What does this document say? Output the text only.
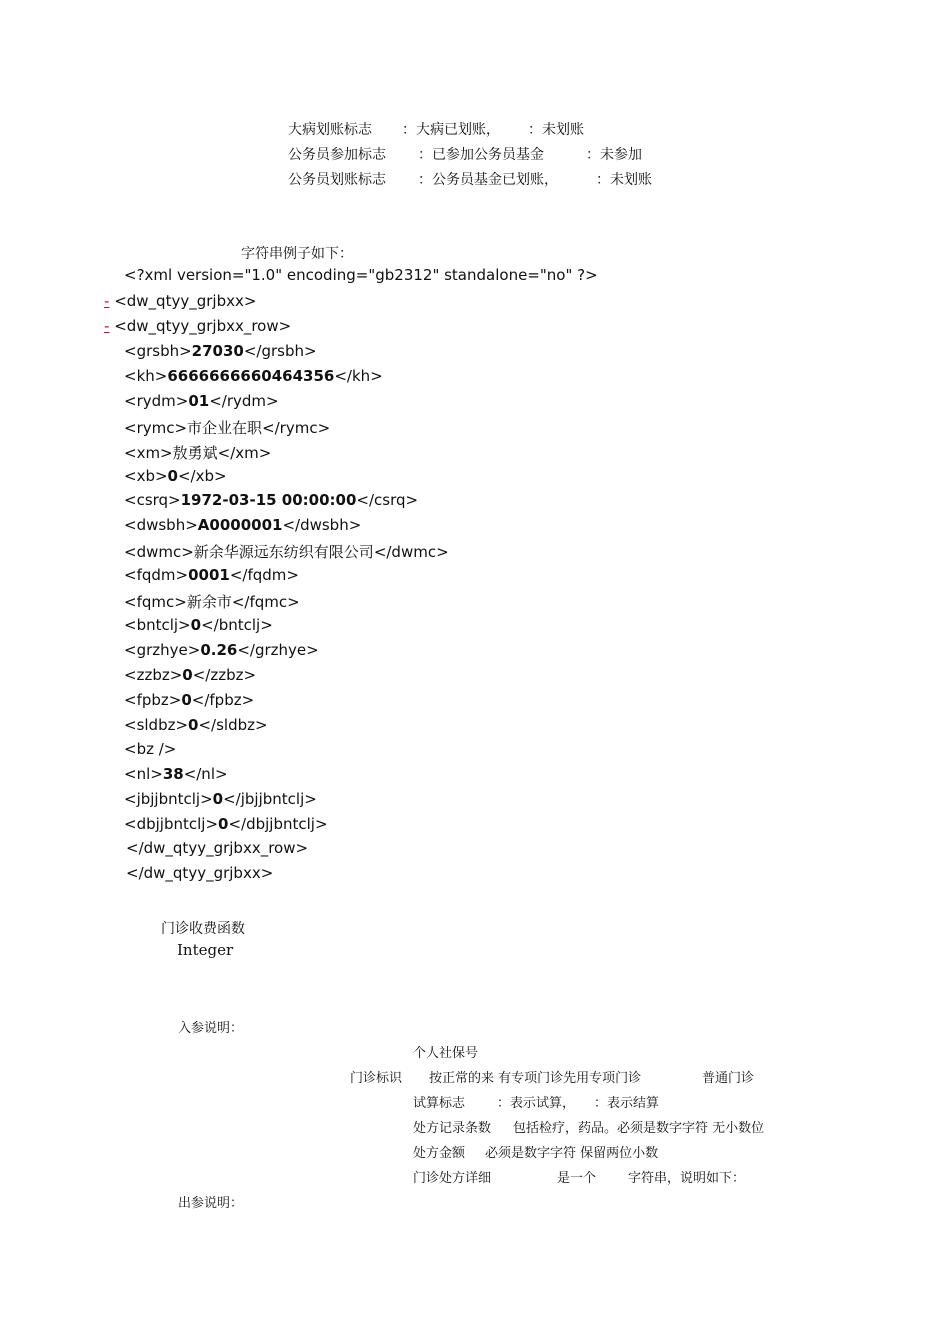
大病划账标志 ：大病已划账， ：未划账
公务员参加标志 ：已参加公务员基金	：未参加
公务员划账标志 ：公务员基金已划账，	：未划账
字符串例子如下：
<?xml version="1.0" encoding="gb2312" standalone="no" ?>
- <dw_qtyy_grjbxx>
- <dw_qtyy_grjbxx_row>
<grsbh>27030</grsbh>
<kh>6666666660464356</kh>
<rydm>01</rydm>
<rymc>市企业在职</rymc>
<xm>敖勇斌</xm>
<xb>0</xb>
<csrq>1972-03-15 00:00:00</csrq>
<dwsbh>A0000001</dwsbh>
<dwmc>新余华源远东纺织有限公司</dwmc>
<fqdm>0001</fqdm>
<fqmc>新余市</fqmc>
<bntclj>0</bntclj>
<grzhye>0.26</grzhye>
<zzbz>0</zzbz>
<fpbz>0</fpbz>
<sldbz>0</sldbz>
<bz />
<nl>38</nl>
<jbjjbntclj>0</jbjjbntclj>
<dbjjbntclj>0</dbjjbntclj>
</dw_qtyy_grjbxx_row>
</dw_qtyy_grjbxx>
门诊收费函数
Integer
入参说明：
个人社保号
门诊标识 按正常的来 有专项门诊先用专项门诊	普通门诊
试算标志 ：表示试算， ：表示结算
处方记录条数 包括检疗，药品。必须是数字字符 无小数位
处方金额 必须是数字字符 保留两位小数
门诊处方详细	是一个 字符串，说明如下：
出参说明：
